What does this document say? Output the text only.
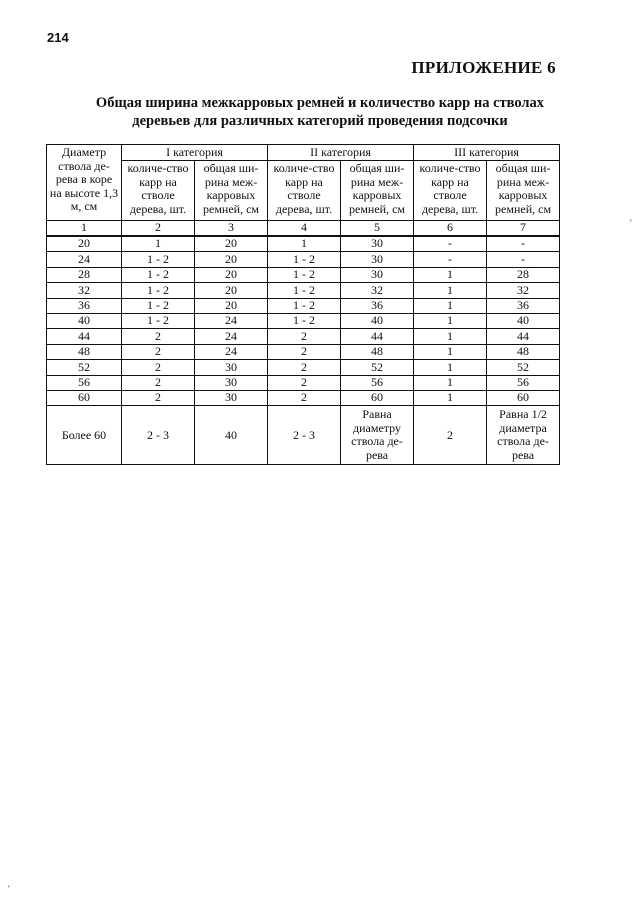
214
ПРИЛОЖЕНИЕ 6
Общая ширина межкарровых ремней и количество карр на стволах
деревьев для различных категорий проведения подсочки
Диаметр ствола де-рева в коре на высоте 1,3 м, см	I категория		II категория		III категория	
	количе-ство карр на стволе дерева, шт.	общая ши-рина меж-карровых ремней, см	количе-ство карр на стволе дерева, шт.	общая ши-рина меж-карровых ремней, см	количе-ство карр на стволе дерева, шт.	общая ши-рина меж-карровых ремней, см
1	2	3	4	5	6	7
20	1	20	1	30	-	-
24	1 - 2	20	1 - 2	30	-	-
28	1 - 2	20	1 - 2	30	1	28
32	1 - 2	20	1 - 2	32	1	32
36	1 - 2	20	1 - 2	36	1	36
40	1 - 2	24	1 - 2	40	1	40
44	2	24	2	44	1	44
48	2	24	2	48	1	48
52	2	30	2	52	1	52
56	2	30	2	56	1	56
60	2	30	2	60	1	60
Более 60	2 - 3	40	2 - 3	Равна диаметру ствола де-рева	2	Равна 1/2 диаметра ствола де-рева
'
'
